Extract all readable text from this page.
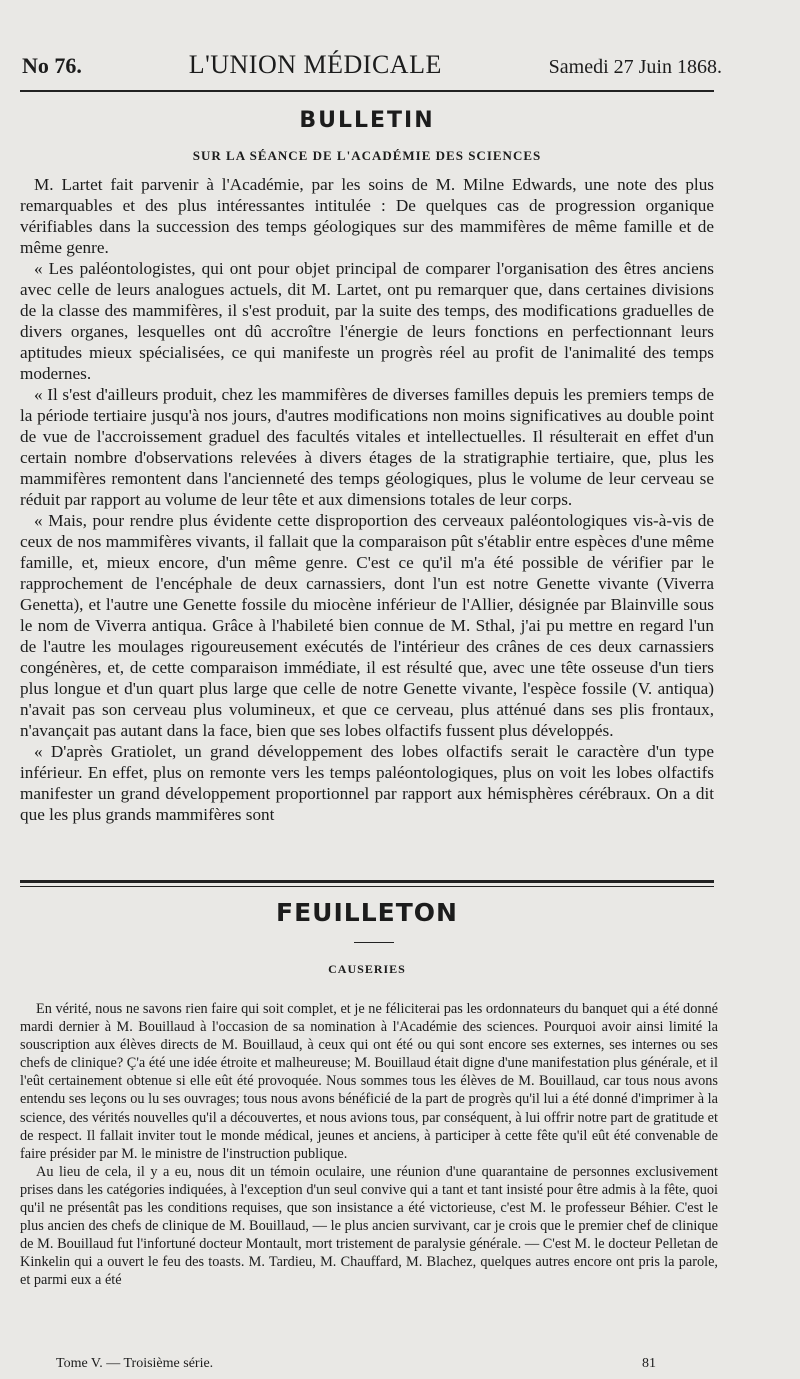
No 76.	L'UNION MÉDICALE	Samedi 27 Juin 1868.
BULLETIN
SUR LA SÉANCE DE L'ACADÉMIE DES SCIENCES

M. Lartet fait parvenir à l'Académie, par les soins de M. Milne Edwards, une note des plus remarquables et des plus intéressantes intitulée : De quelques cas de progression organique vérifiables dans la succession des temps géologiques sur des mammifères de même famille et de même genre.

« Les paléontologistes, qui ont pour objet principal de comparer l'organisation des êtres anciens avec celle de leurs analogues actuels, dit M. Lartet, ont pu remarquer que, dans certaines divisions de la classe des mammifères, il s'est produit, par la suite des temps, des modifications graduelles de divers organes, lesquelles ont dû accroître l'énergie de leurs fonctions en perfectionnant leurs aptitudes mieux spécialisées, ce qui manifeste un progrès réel au profit de l'animalité des temps modernes.

« Il s'est d'ailleurs produit, chez les mammifères de diverses familles depuis les premiers temps de la période tertiaire jusqu'à nos jours, d'autres modifications non moins significatives au double point de vue de l'accroissement graduel des facultés vitales et intellectuelles. Il résulterait en effet d'un certain nombre d'observations relevées à divers étages de la stratigraphie tertiaire, que, plus les mammifères remontent dans l'ancienneté des temps géologiques, plus le volume de leur cerveau se réduit par rapport au volume de leur tête et aux dimensions totales de leur corps.

« Mais, pour rendre plus évidente cette disproportion des cerveaux paléontologiques vis-à-vis de ceux de nos mammifères vivants, il fallait que la comparaison pût s'établir entre espèces d'une même famille, et, mieux encore, d'un même genre. C'est ce qu'il m'a été possible de vérifier par le rapprochement de l'encéphale de deux carnassiers, dont l'un est notre Genette vivante (Viverra Genetta), et l'autre une Genette fossile du miocène inférieur de l'Allier, désignée par Blainville sous le nom de Viverra antiqua. Grâce à l'habileté bien connue de M. Sthal, j'ai pu mettre en regard l'un de l'autre les moulages rigoureusement exécutés de l'intérieur des crânes de ces deux carnassiers congénères, et, de cette comparaison immédiate, il est résulté que, avec une tête osseuse d'un tiers plus longue et d'un quart plus large que celle de notre Genette vivante, l'espèce fossile (V. antiqua) n'avait pas son cerveau plus volumineux, et que ce cerveau, plus atténué dans ses plis frontaux, n'avançait pas autant dans la face, bien que ses lobes olfactifs fussent plus développés.

« D'après Gratiolet, un grand développement des lobes olfactifs serait le caractère d'un type inférieur. En effet, plus on remonte vers les temps paléontologiques, plus on voit les lobes olfactifs manifester un grand développement proportionnel par rapport aux hémisphères cérébraux. On a dit que les plus grands mammifères sont

FEUILLETON
CAUSERIES

En vérité, nous ne savons rien faire qui soit complet, et je ne féliciterai pas les ordonnateurs du banquet qui a été donné mardi dernier à M. Bouillaud à l'occasion de sa nomination à l'Académie des sciences. Pourquoi avoir ainsi limité la souscription aux élèves directs de M. Bouillaud, à ceux qui ont été ou qui sont encore ses externes, ses internes ou ses chefs de clinique? Ç'a été une idée étroite et malheureuse; M. Bouillaud était digne d'une manifestation plus générale, et il l'eût certainement obtenue si elle eût été provoquée. Nous sommes tous les élèves de M. Bouillaud, car tous nous avons entendu ses leçons ou lu ses ouvrages; tous nous avons bénéficié de la part de progrès qu'il lui a été donné d'imprimer à la science, des vérités nouvelles qu'il a découvertes, et nous avions tous, par conséquent, à lui offrir notre part de gratitude et de respect. Il fallait inviter tout le monde médical, jeunes et anciens, à participer à cette fête qu'il eût été convenable de faire présider par M. le ministre de l'instruction publique.

Au lieu de cela, il y a eu, nous dit un témoin oculaire, une réunion d'une quarantaine de personnes exclusivement prises dans les catégories indiquées, à l'exception d'un seul convive qui a tant et tant insisté pour être admis à la fête, quoi qu'il ne présentât pas les conditions requises, que son insistance a été victorieuse, c'est M. le professeur Béhier. C'est le plus ancien des chefs de clinique de M. Bouillaud, — le plus ancien survivant, car je crois que le premier chef de clinique de M. Bouillaud fut l'infortuné docteur Montault, mort tristement de paralysie générale. — C'est M. le docteur Pelletan de Kinkelin qui a ouvert le feu des toasts. M. Tardieu, M. Chauffard, M. Blachez, quelques autres encore ont pris la parole, et parmi eux a été

Tome V. — Troisième série.	81
